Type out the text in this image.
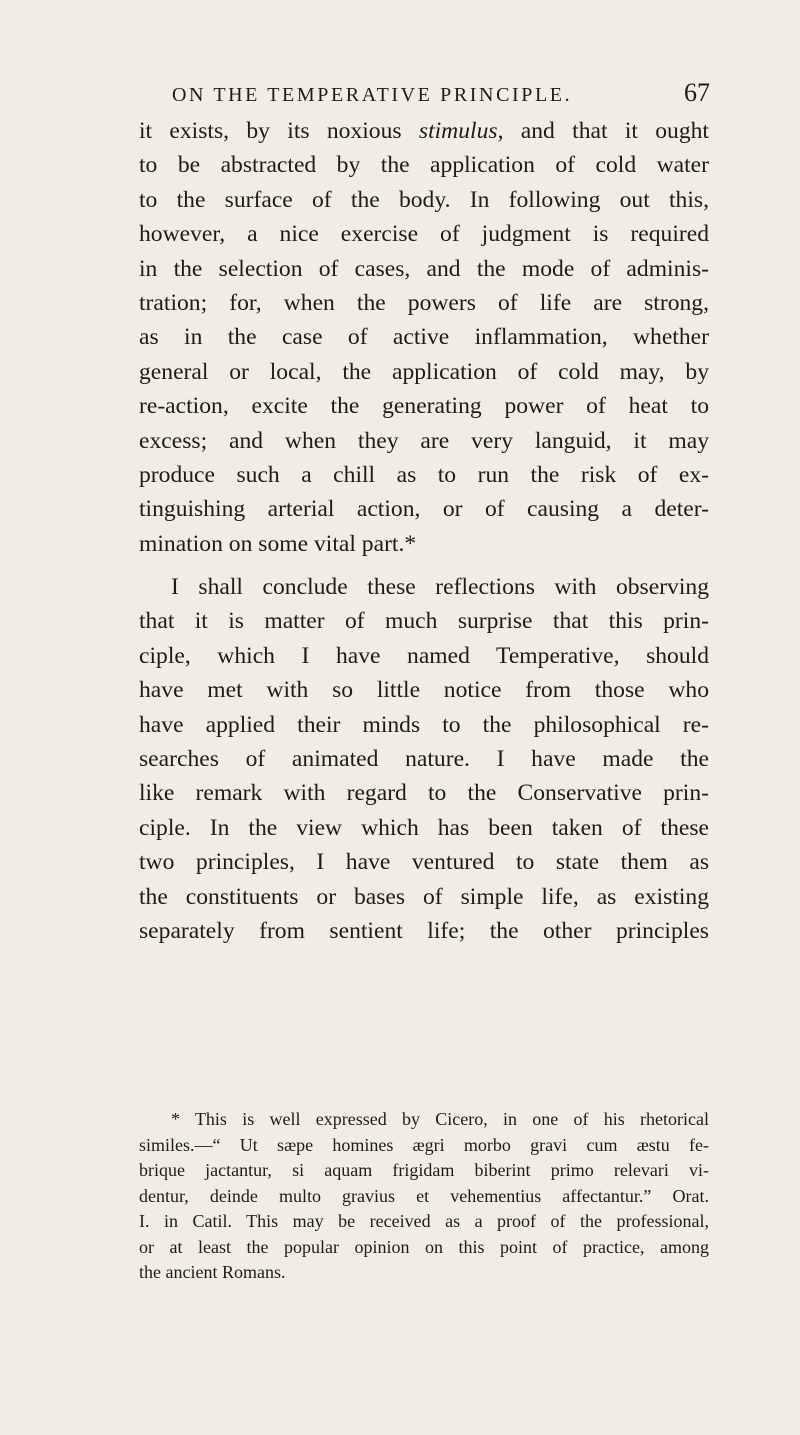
ON THE TEMPERATIVE PRINCIPLE.	67
it exists, by its noxious stimulus, and that it ought
to be abstracted by the application of cold water
to the surface of the body. In following out this,
however, a nice exercise of judgment is required
in the selection of cases, and the mode of adminis-
tration; for, when the powers of life are strong,
as in the case of active inflammation, whether
general or local, the application of cold may, by
re-action, excite the generating power of heat to
excess; and when they are very languid, it may
produce such a chill as to run the risk of ex-
tinguishing arterial action, or of causing a deter-
mination on some vital part.*
I shall conclude these reflections with observing
that it is matter of much surprise that this prin-
ciple, which I have named Temperative, should
have met with so little notice from those who
have applied their minds to the philosophical re-
searches of animated nature. I have made the
like remark with regard to the Conservative prin-
ciple. In the view which has been taken of these
two principles, I have ventured to state them as
the constituents or bases of simple life, as existing
separately from sentient life; the other principles
* This is well expressed by Cicero, in one of his rhetorical
similes.—“ Ut sæpe homines ægri morbo gravi cum æstu fe-
brique jactantur, si aquam frigidam biberint primo relevari vi-
dentur, deinde multo gravius et vehementius affectantur.” Orat.
I. in Catil. This may be received as a proof of the professional,
or at least the popular opinion on this point of practice, among
the ancient Romans.
